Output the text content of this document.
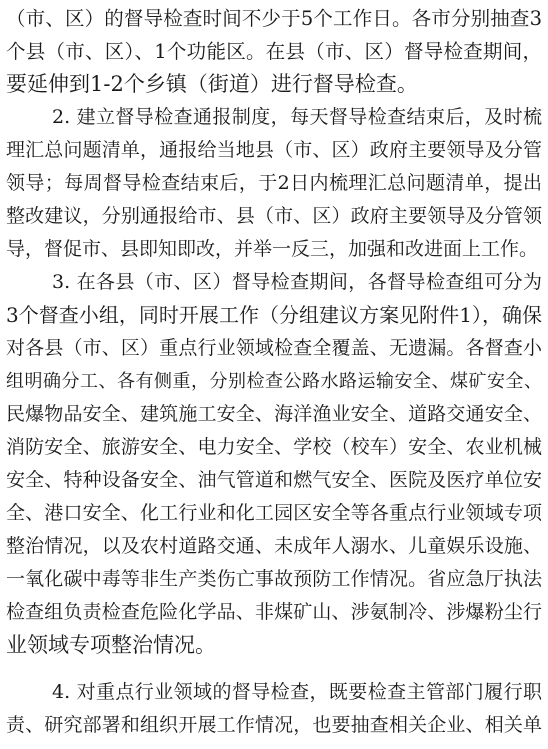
（市、区）的督导检查时间不少于5个工作日。各市分别抽查3
个县（市、区）、1个功能区。在县（市、区）督导检查期间，
要延伸到1-2个乡镇（街道）进行督导检查。
2. 建立督导检查通报制度，每天督导检查结束后，及时梳
理汇总问题清单，通报给当地县（市、区）政府主要领导及分管
领导；每周督导检查结束后，于2日内梳理汇总问题清单，提出
整改建议，分别通报给市、县（市、区）政府主要领导及分管领
导，督促市、县即知即改，并举一反三，加强和改进面上工作。
3. 在各县（市、区）督导检查期间，各督导检查组可分为
3个督查小组，同时开展工作（分组建议方案见附件1），确保
对各县（市、区）重点行业领域检查全覆盖、无遗漏。各督查小
组明确分工、各有侧重，分别检查公路水路运输安全、煤矿安全、
民爆物品安全、建筑施工安全、海洋渔业安全、道路交通安全、
消防安全、旅游安全、电力安全、学校（校车）安全、农业机械
安全、特种设备安全、油气管道和燃气安全、医院及医疗单位安
全、港口安全、化工行业和化工园区安全等各重点行业领域专项
整治情况，以及农村道路交通、未成年人溺水、儿童娱乐设施、
一氧化碳中毒等非生产类伤亡事故预防工作情况。省应急厅执法
检查组负责检查危险化学品、非煤矿山、涉氨制冷、涉爆粉尘行
业领域专项整治情况。
4. 对重点行业领域的督导检查，既要检查主管部门履行职
责、研究部署和组织开展工作情况，也要抽查相关企业、相关单
